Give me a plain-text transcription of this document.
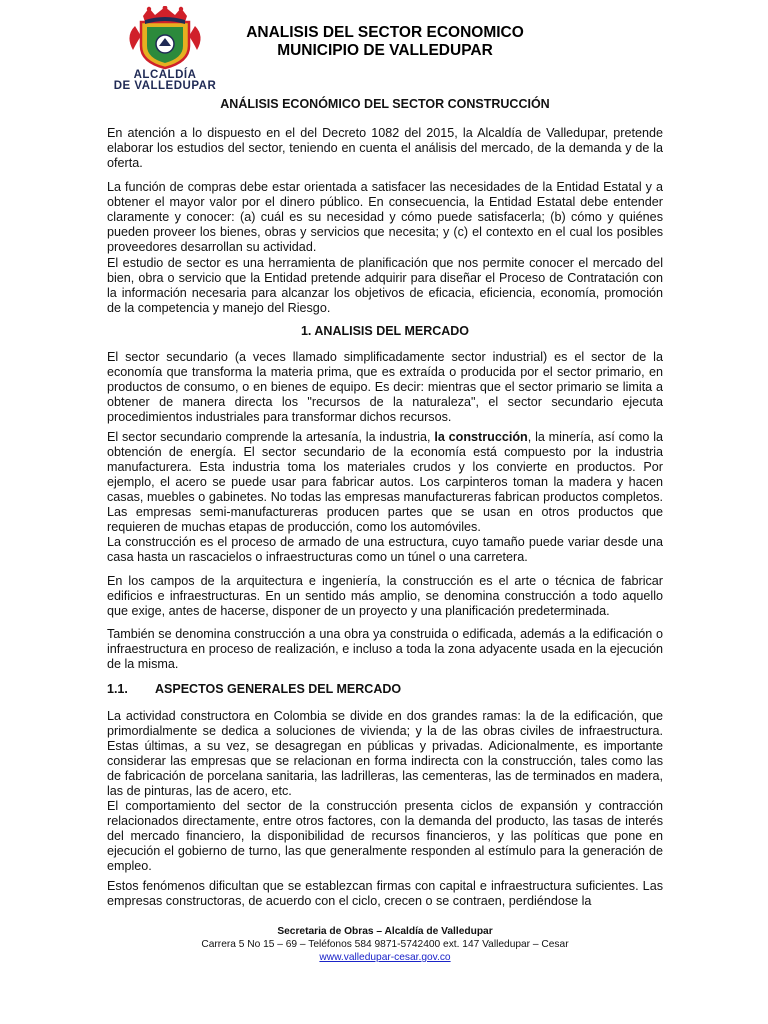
ALCALDÍA
DE VALLEDUPAR
ANALISIS DEL SECTOR ECONOMICO
MUNICIPIO DE VALLEDUPAR
ANÁLISIS ECONÓMICO DEL SECTOR CONSTRUCCIÓN

En atención a lo dispuesto en el del Decreto 1082 del 2015, la Alcaldía de Valledupar, pretende elaborar los estudios del sector, teniendo en cuenta el análisis del mercado, de la demanda y de la oferta.

La función de compras debe estar orientada a satisfacer las necesidades de la Entidad Estatal y a obtener el mayor valor por el dinero público. En consecuencia, la Entidad Estatal debe entender claramente y conocer: (a) cuál es su necesidad y cómo puede satisfacerla; (b) cómo y quiénes pueden proveer los bienes, obras y servicios que necesita; y (c) el contexto en el cual los posibles proveedores desarrollan su actividad.

El estudio de sector es una herramienta de planificación que nos permite conocer el mercado del bien, obra o servicio que la Entidad pretende adquirir para diseñar el Proceso de Contratación con la información necesaria para alcanzar los objetivos de eficacia, eficiencia, economía, promoción de la competencia y manejo del Riesgo.

1. ANALISIS DEL MERCADO

El sector secundario (a veces llamado simplificadamente sector industrial) es el sector de la economía que transforma la materia prima, que es extraída o producida por el sector primario, en productos de consumo, o en bienes de equipo. Es decir: mientras que el sector primario se limita a obtener de manera directa los "recursos de la naturaleza", el sector secundario ejecuta procedimientos industriales para transformar dichos recursos.

El sector secundario comprende la artesanía, la industria, la construcción, la minería, así como la obtención de energía. El sector secundario de la economía está compuesto por la industria manufacturera. Esta industria toma los materiales crudos y los convierte en productos. Por ejemplo, el acero se puede usar para fabricar autos. Los carpinteros toman la madera y hacen casas, muebles o gabinetes. No todas las empresas manufactureras fabrican productos completos. Las empresas semi-manufactureras producen partes que se usan en otros productos que requieren de muchas etapas de producción, como los automóviles.

La construcción es el proceso de armado de una estructura, cuyo tamaño puede variar desde una casa hasta un rascacielos o infraestructuras como un túnel o una carretera.

En los campos de la arquitectura e ingeniería, la construcción es el arte o técnica de fabricar edificios e infraestructuras. En un sentido más amplio, se denomina construcción a todo aquello que exige, antes de hacerse, disponer de un proyecto y una planificación predeterminada.

También se denomina construcción a una obra ya construida o edificada, además a la edificación o infraestructura en proceso de realización, e incluso a toda la zona adyacente usada en la ejecución de la misma.

1.1. ASPECTOS GENERALES DEL MERCADO

La actividad constructora en Colombia se divide en dos grandes ramas: la de la edificación, que primordialmente se dedica a soluciones de vivienda; y la de las obras civiles de infraestructura. Estas últimas, a su vez, se desagregan en públicas y privadas. Adicionalmente, es importante considerar las empresas que se relacionan en forma indirecta con la construcción, tales como las de fabricación de porcelana sanitaria, las ladrilleras, las cementeras, las de terminados en madera, las de pinturas, las de acero, etc.

El comportamiento del sector de la construcción presenta ciclos de expansión y contracción relacionados directamente, entre otros factores, con la demanda del producto, las tasas de interés del mercado financiero, la disponibilidad de recursos financieros, y las políticas que pone en ejecución el gobierno de turno, las que generalmente responden al estímulo para la generación de empleo.

Estos fenómenos dificultan que se establezcan firmas con capital e infraestructura suficientes. Las empresas constructoras, de acuerdo con el ciclo, crecen o se contraen, perdiéndose la

Secretaria de Obras – Alcaldía de Valledupar
Carrera 5 No 15 – 69 – Teléfonos 584 9871-5742400 ext. 147 Valledupar – Cesar
www.valledupar-cesar.gov.co
